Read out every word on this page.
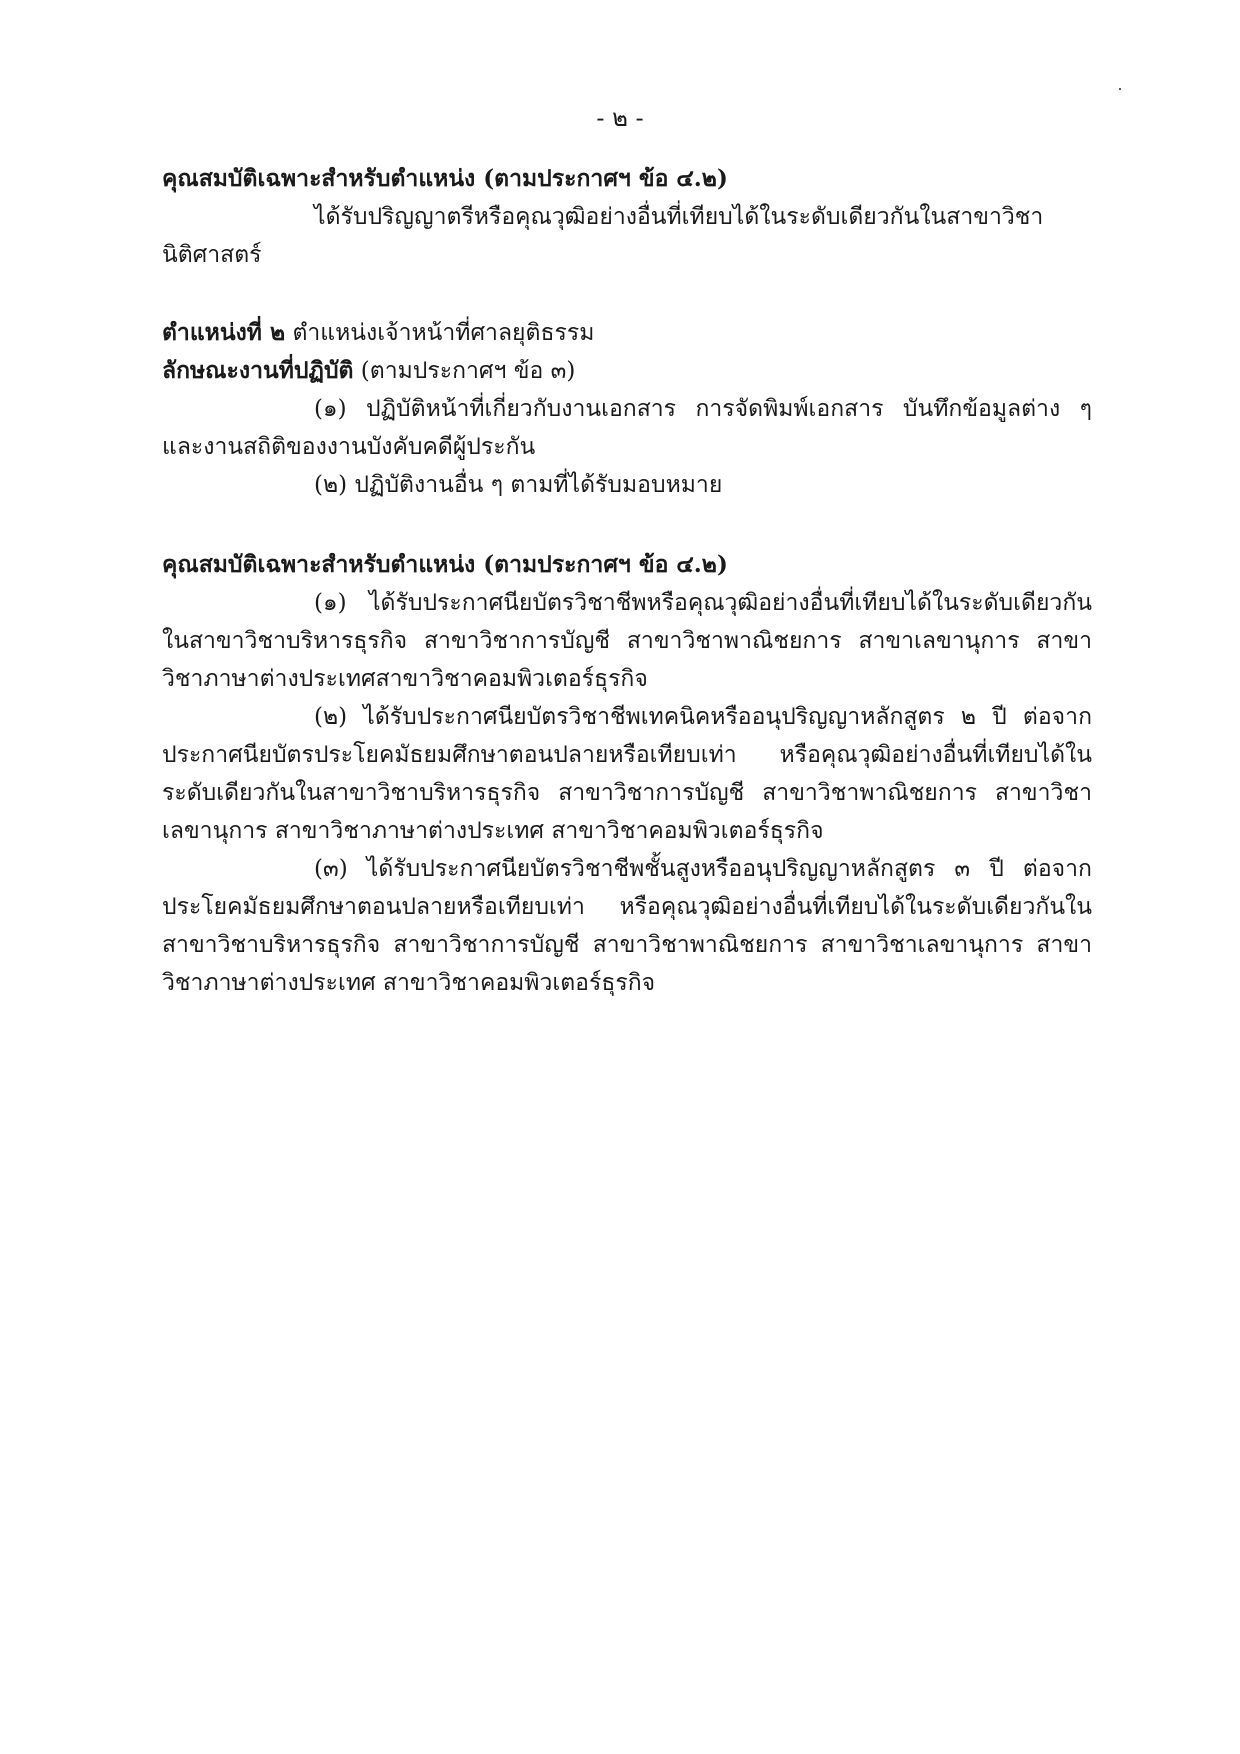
- ๒ -

คุณสมบัติเฉพาะสำหรับตำแหน่ง (ตามประกาศฯ ข้อ ๔.๒)

ได้รับปริญญาตรีหรือคุณวุฒิอย่างอื่นที่เทียบได้ในระดับเดียวกันในสาขาวิชานิติศาสตร์

ตำแหน่งที่ ๒ ตำแหน่งเจ้าหน้าที่ศาลยุติธรรม

ลักษณะงานที่ปฏิบัติ (ตามประกาศฯ ข้อ ๓)

(๑) ปฏิบัติหน้าที่เกี่ยวกับงานเอกสาร การจัดพิมพ์เอกสาร บันทึกข้อมูลต่าง ๆ และงานสถิติของงานบังคับคดีผู้ประกัน

(๒) ปฏิบัติงานอื่น ๆ ตามที่ได้รับมอบหมาย

คุณสมบัติเฉพาะสำหรับตำแหน่ง (ตามประกาศฯ ข้อ ๔.๒)

(๑) ได้รับประกาศนียบัตรวิชาชีพหรือคุณวุฒิอย่างอื่นที่เทียบได้ในระดับเดียวกันในสาขาวิชาบริหารธุรกิจ สาขาวิชาการบัญชี สาขาวิชาพาณิชยการ สาขาเลขานุการ สาขาวิชาภาษาต่างประเทศสาขาวิชาคอมพิวเตอร์ธุรกิจ

(๒) ได้รับประกาศนียบัตรวิชาชีพเทคนิคหรืออนุปริญญาหลักสูตร ๒ ปี ต่อจากประกาศนียบัตรประโยคมัธยมศึกษาตอนปลายหรือเทียบเท่า หรือคุณวุฒิอย่างอื่นที่เทียบได้ในระดับเดียวกันในสาขาวิชาบริหารธุรกิจ สาขาวิชาการบัญชี สาขาวิชาพาณิชยการ สาขาวิชาเลขานุการ สาขาวิชาภาษาต่างประเทศ สาขาวิชาคอมพิวเตอร์ธุรกิจ

(๓) ได้รับประกาศนียบัตรวิชาชีพชั้นสูงหรืออนุปริญญาหลักสูตร ๓ ปี ต่อจากประโยคมัธยมศึกษาตอนปลายหรือเทียบเท่า หรือคุณวุฒิอย่างอื่นที่เทียบได้ในระดับเดียวกันในสาขาวิชาบริหารธุรกิจ สาขาวิชาการบัญชี สาขาวิชาพาณิชยการ สาขาวิชาเลขานุการ สาขาวิชาภาษาต่างประเทศ สาขาวิชาคอมพิวเตอร์ธุรกิจ
